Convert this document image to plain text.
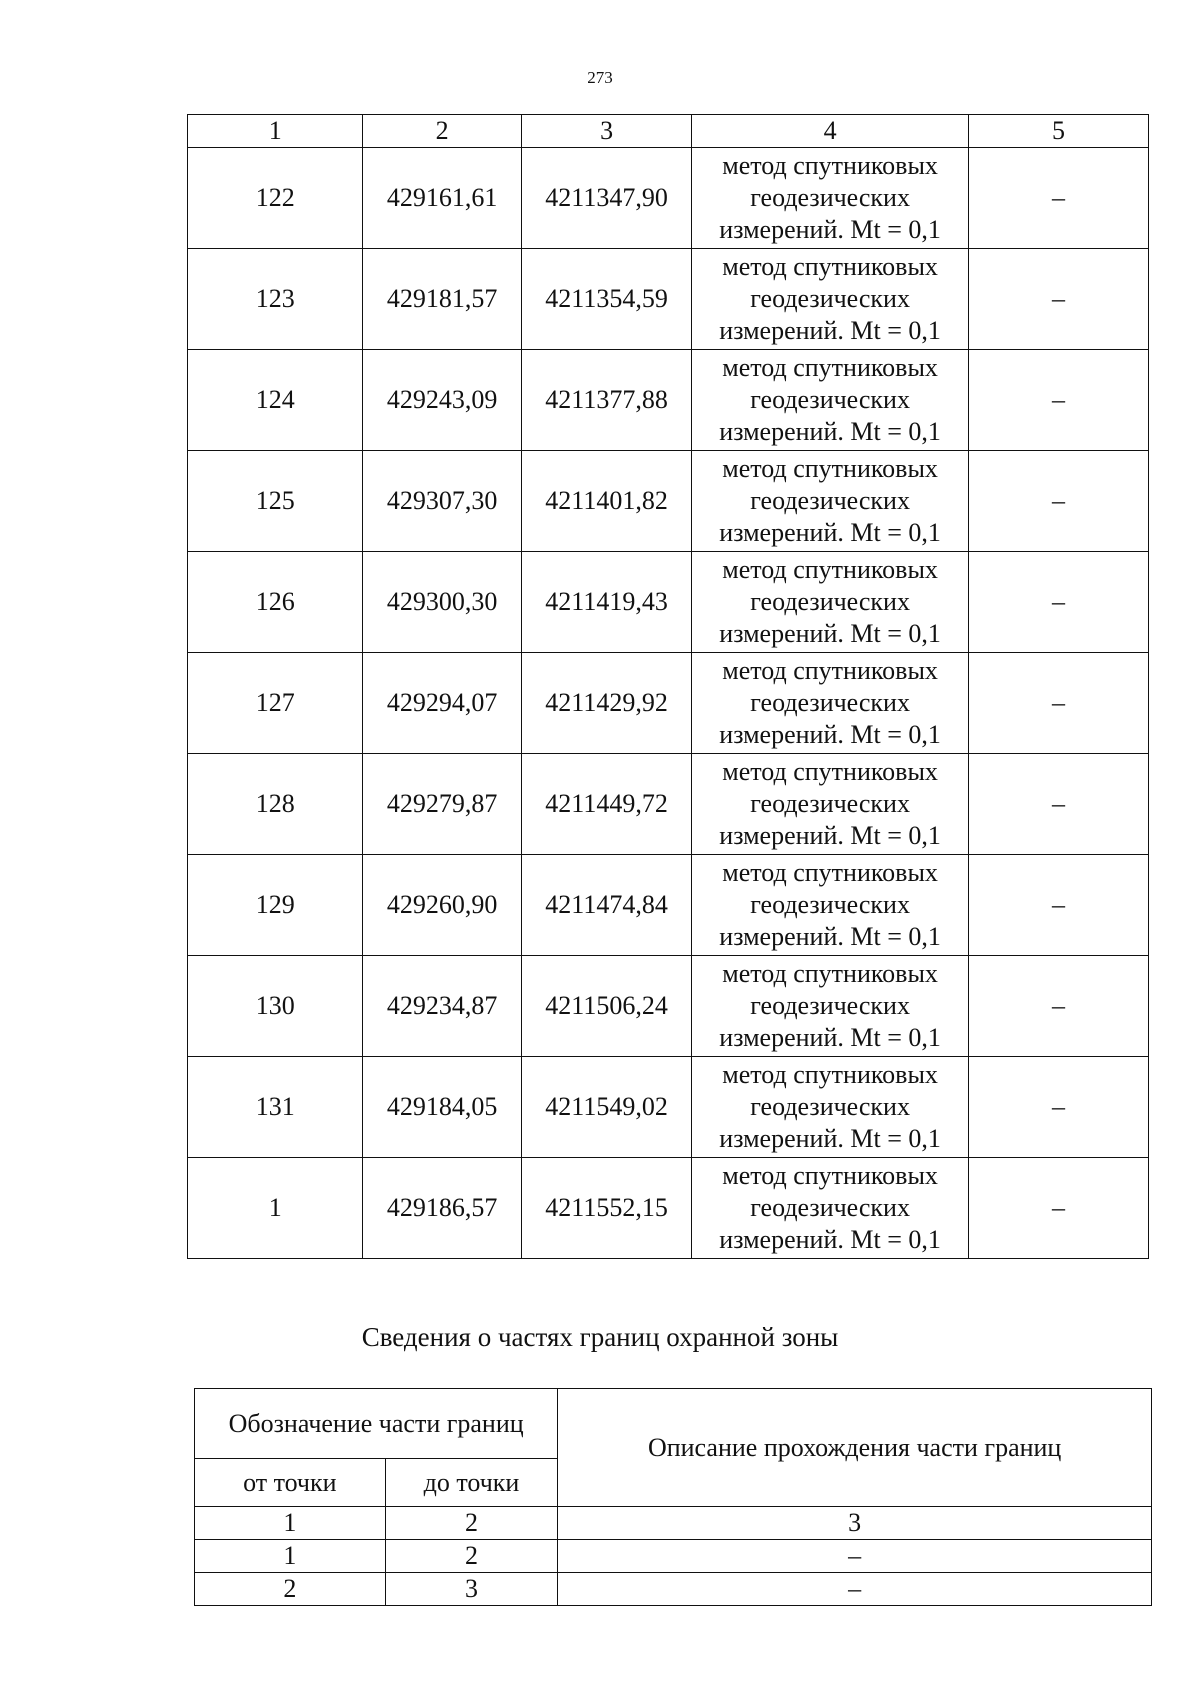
273
1	2	3	4	5
122	429161,61	4211347,90	метод спутниковых
геодезических
измерений. Mt = 0,1	–
123	429181,57	4211354,59	метод спутниковых
геодезических
измерений. Mt = 0,1	–
124	429243,09	4211377,88	метод спутниковых
геодезических
измерений. Mt = 0,1	–
125	429307,30	4211401,82	метод спутниковых
геодезических
измерений. Mt = 0,1	–
126	429300,30	4211419,43	метод спутниковых
геодезических
измерений. Mt = 0,1	–
127	429294,07	4211429,92	метод спутниковых
геодезических
измерений. Mt = 0,1	–
128	429279,87	4211449,72	метод спутниковых
геодезических
измерений. Mt = 0,1	–
129	429260,90	4211474,84	метод спутниковых
геодезических
измерений. Mt = 0,1	–
130	429234,87	4211506,24	метод спутниковых
геодезических
измерений. Mt = 0,1	–
131	429184,05	4211549,02	метод спутниковых
геодезических
измерений. Mt = 0,1	–
1	429186,57	4211552,15	метод спутниковых
геодезических
измерений. Mt = 0,1	–
Сведения о частях границ охранной зоны
Обозначение части границ		Описание прохождения части границ
от точки	до точки	
1	2	3
1	2	–
2	3	–
